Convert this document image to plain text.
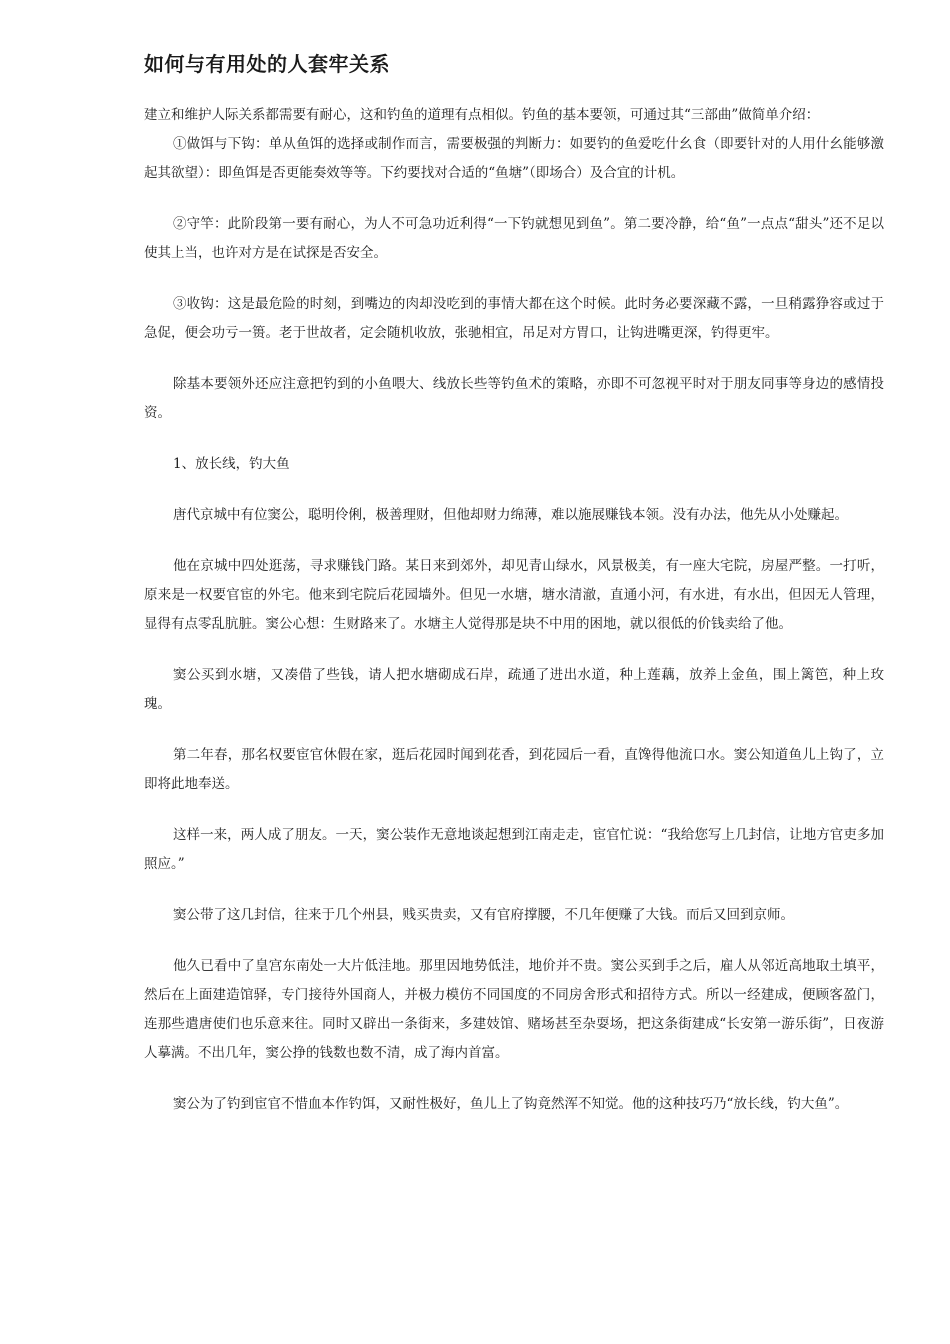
如何与有用处的人套牢关系

建立和维护人际关系都需要有耐心，这和钓鱼的道理有点相似。钓鱼的基本要领，可通过其“三部曲”做简单介绍：

①做饵与下钩：单从鱼饵的选择或制作而言，需要极强的判断力：如要钓的鱼爱吃什幺食（即要针对的人用什幺能够激起其欲望）：即鱼饵是否更能奏效等等。下约要找对合适的“鱼塘”（即场合）及合宜的计机。

②守竿：此阶段第一要有耐心，为人不可急功近利得“一下钓就想见到鱼”。第二要冷静，给“鱼”一点点“甜头”还不足以使其上当，也许对方是在试探是否安全。

③收钩：这是最危险的时刻，到嘴边的肉却没吃到的事情大都在这个时候。此时务必要深藏不露，一旦稍露狰容或过于急促，便会功亏一篑。老于世故者，定会随机收放，张驰相宜，吊足对方胃口，让钩进嘴更深，钓得更牢。

除基本要领外还应注意把钓到的小鱼喂大、线放长些等钓鱼术的策略，亦即不可忽视平时对于朋友同事等身边的感情投资。

1、放长线，钓大鱼

唐代京城中有位窦公，聪明伶俐，极善理财，但他却财力绵薄，难以施展赚钱本领。没有办法，他先从小处赚起。

他在京城中四处逛荡，寻求赚钱门路。某日来到郊外，却见青山绿水，风景极美，有一座大宅院，房屋严整。一打听，原来是一权要官宦的外宅。他来到宅院后花园墙外。但见一水塘，塘水清澈，直通小河，有水进，有水出，但因无人管理，显得有点零乱肮脏。窦公心想：生财路来了。水塘主人觉得那是块不中用的困地，就以很低的价钱卖给了他。

窦公买到水塘，又凑借了些钱，请人把水塘砌成石岸，疏通了进出水道，种上莲藕，放养上金鱼，围上篱笆，种上玫瑰。

第二年春，那名权要宦官休假在家，逛后花园时闻到花香，到花园后一看，直馋得他流口水。窦公知道鱼儿上钩了，立即将此地奉送。

这样一来，两人成了朋友。一天，窦公装作无意地谈起想到江南走走，宦官忙说：“我给您写上几封信，让地方官吏多加照应。”

窦公带了这几封信，往来于几个州县，贱买贵卖，又有官府撑腰，不几年便赚了大钱。而后又回到京师。

他久已看中了皇宫东南处一大片低洼地。那里因地势低洼，地价并不贵。窦公买到手之后，雇人从邻近高地取土填平，然后在上面建造馆驿，专门接待外国商人，并极力模仿不同国度的不同房舍形式和招待方式。所以一经建成，便顾客盈门，连那些遣唐使们也乐意来往。同时又辟出一条街来，多建妓馆、赌场甚至杂耍场，把这条街建成“长安第一游乐街”，日夜游人摹满。不出几年，窦公挣的钱数也数不清，成了海内首富。

窦公为了钓到宦官不惜血本作钓饵，又耐性极好，鱼儿上了钩竟然浑不知觉。他的这种技巧乃“放长线，钓大鱼”。
